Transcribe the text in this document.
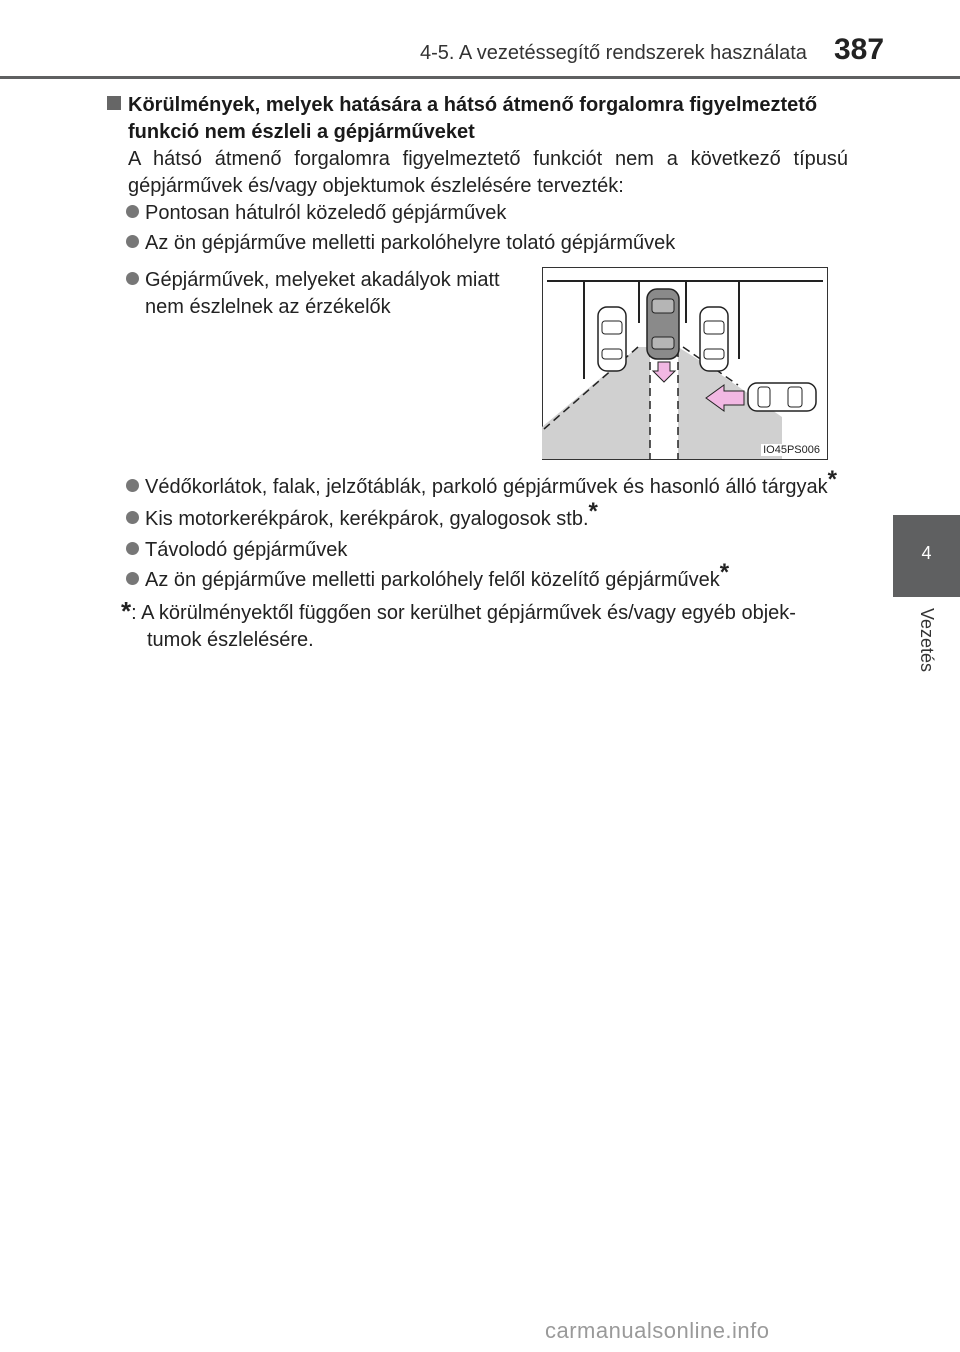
4-5. A vezetéssegítő rendszerek használata 387
4
Vezetés
Körülmények, melyek hatására a hátsó átmenő forgalomra figyelmeztető
funkció nem észleli a gépjárműveket
A hátsó átmenő forgalomra figyelmeztető funkciót nem a következő típusú gépjárművek és/vagy objektumok észlelésére tervezték:
Pontosan hátulról közeledő gépjárművek
Az ön gépjárműve melletti parkolóhelyre tolató gépjárművek
Gépjárművek, melyeket akadályok miatt
nem észlelnek az érzékelők
Védőkorlátok, falak, jelzőtáblák, parkoló gépjárművek és hasonló álló tárgyak*
Kis motorkerékpárok, kerékpárok, gyalogosok stb.*
Távolodó gépjárművek
Az ön gépjárműve melletti parkolóhely felől közelítő gépjárművek*
*: A körülményektől függően sor kerülhet gépjárművek és/vagy egyéb objek-
tumok észlelésére.
IO45PS006
carmanualsonline.info
